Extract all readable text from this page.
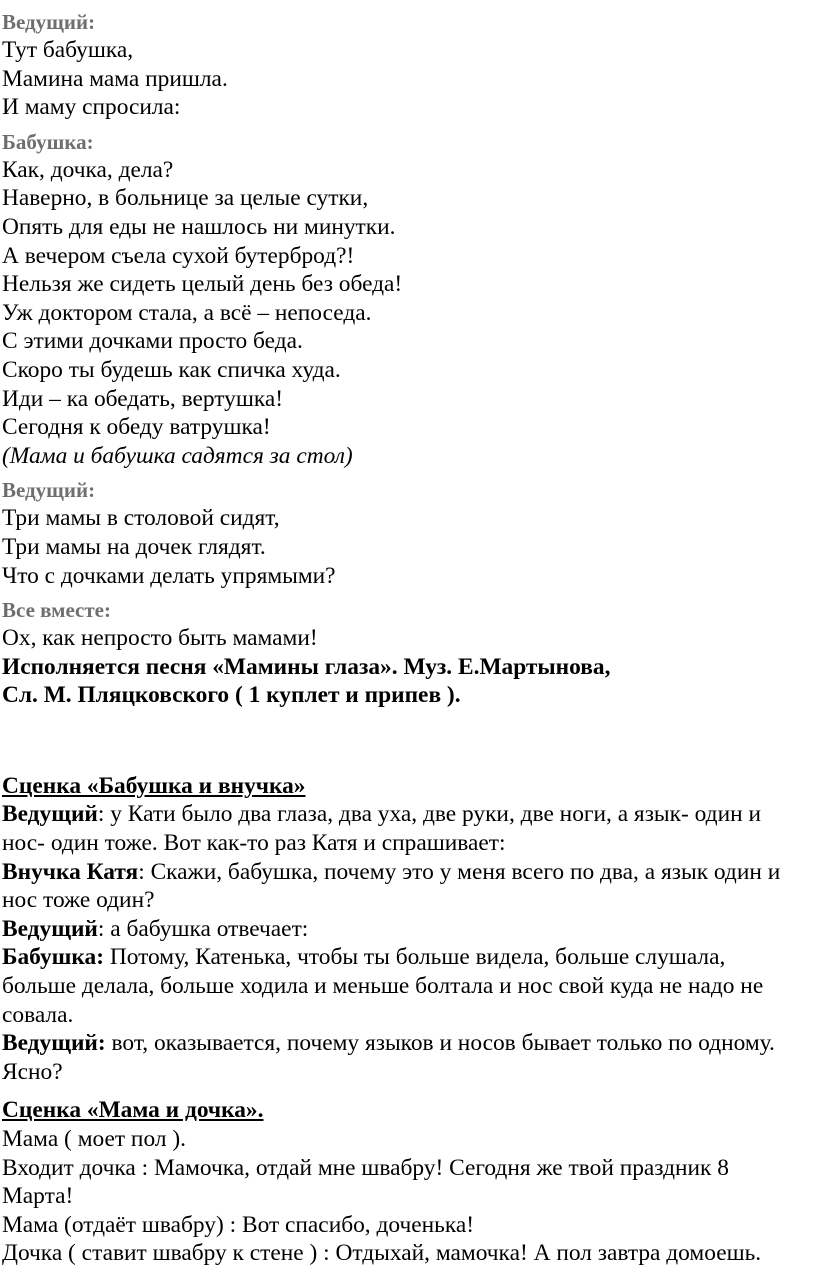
Ведущий:
Тут бабушка,
Мамина мама пришла.
И маму спросила:
Бабушка:
Как, дочка, дела?
Наверно, в больнице за целые сутки,
Опять для еды не нашлось ни минутки.
А вечером съела сухой бутерброд?!
Нельзя же сидеть целый день без обеда!
Уж доктором стала, а всё – непоседа.
С этими дочками просто беда.
Скоро ты будешь как спичка худа.
Иди – ка обедать, вертушка!
Сегодня к обеду ватрушка!
(Мама и бабушка садятся за стол)
Ведущий:
Три мамы в столовой сидят,
Три мамы на дочек глядят.
Что с дочками делать упрямыми?
Все вместе:
Ох, как непросто быть мамами!
Исполняется песня «Мамины глаза». Муз. Е.Мартынова,
Сл. М. Пляцковского ( 1 куплет и припев ).
Сценка «Бабушка и внучка»
Ведущий: у Кати было два глаза, два уха, две руки, две ноги, а язык- один и нос- один тоже. Вот как-то раз Катя и спрашивает:
Внучка Катя: Скажи, бабушка, почему это у меня всего по два, а язык один и нос тоже один?
Ведущий: а бабушка отвечает:
Бабушка: Потому, Катенька, чтобы ты больше видела, больше слушала, больше делала, больше ходила и меньше болтала и нос свой куда не надо не совала.
Ведущий: вот, оказывается, почему языков и носов бывает только по одному. Ясно?
Сценка «Мама и дочка».
Мама ( моет пол ).
Входит дочка : Мамочка, отдай мне швабру! Сегодня же твой праздник 8 Марта!
Мама (отдаёт швабру) : Вот спасибо, доченька!
Дочка ( ставит швабру к стене ) : Отдыхай, мамочка! А пол завтра домоешь.
